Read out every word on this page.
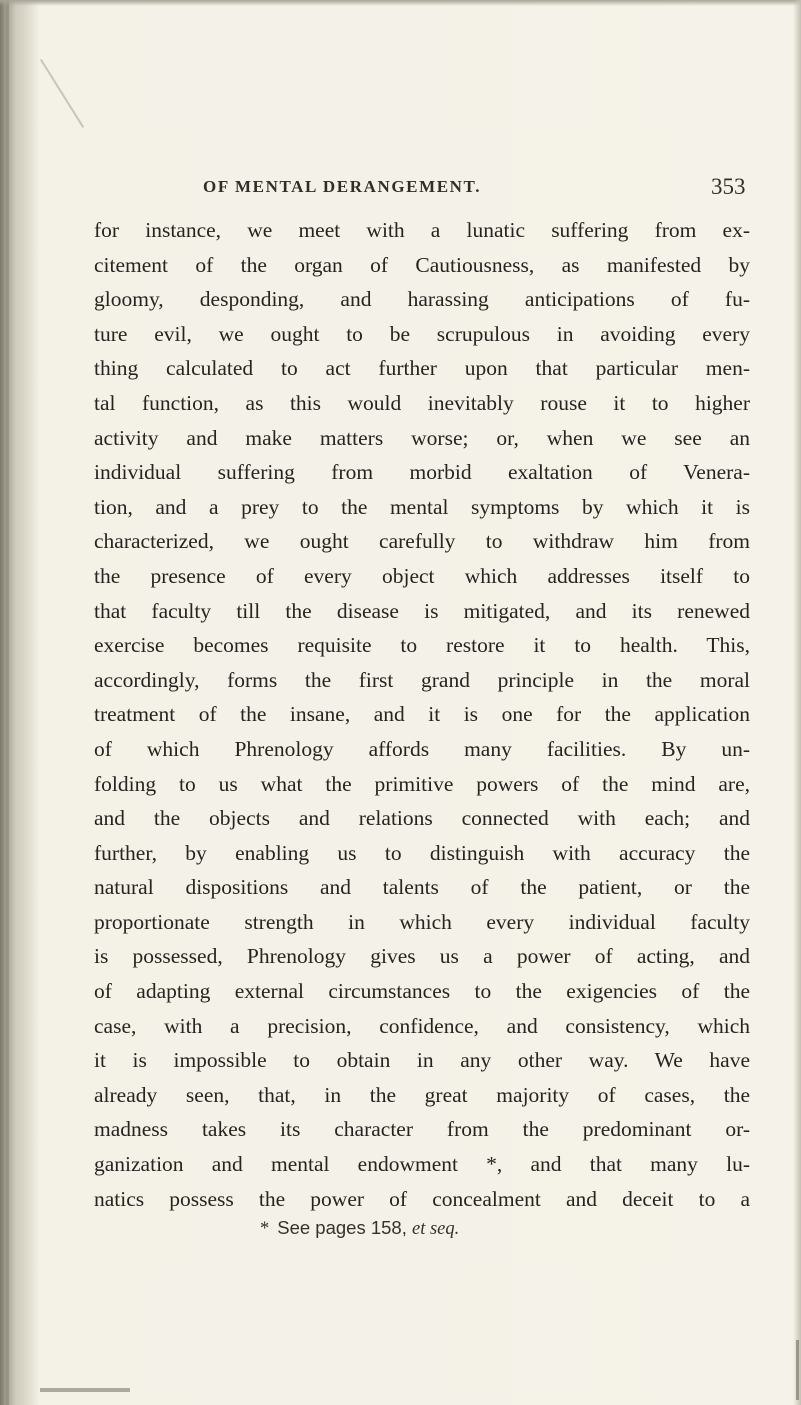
OF MENTAL DERANGEMENT.	353
for instance, we meet with a lunatic suffering from ex-
citement of the organ of Cautiousness, as manifested by
gloomy, desponding, and harassing anticipations of fu-
ture evil, we ought to be scrupulous in avoiding every
thing calculated to act further upon that particular men-
tal function, as this would inevitably rouse it to higher
activity and make matters worse; or, when we see an
individual suffering from morbid exaltation of Venera-
tion, and a prey to the mental symptoms by which it is
characterized, we ought carefully to withdraw him from
the presence of every object which addresses itself to
that faculty till the disease is mitigated, and its renewed
exercise becomes requisite to restore it to health. This,
accordingly, forms the first grand principle in the moral
treatment of the insane, and it is one for the application
of which Phrenology affords many facilities. By un-
folding to us what the primitive powers of the mind are,
and the objects and relations connected with each; and
further, by enabling us to distinguish with accuracy the
natural dispositions and talents of the patient, or the
proportionate strength in which every individual faculty
is possessed, Phrenology gives us a power of acting, and
of adapting external circumstances to the exigencies of the
case, with a precision, confidence, and consistency, which
it is impossible to obtain in any other way. We have
already seen, that, in the great majority of cases, the
madness takes its character from the predominant or-
ganization and mental endowment *, and that many lu-
natics possess the power of concealment and deceit to a
* See pages 158, et seq.
